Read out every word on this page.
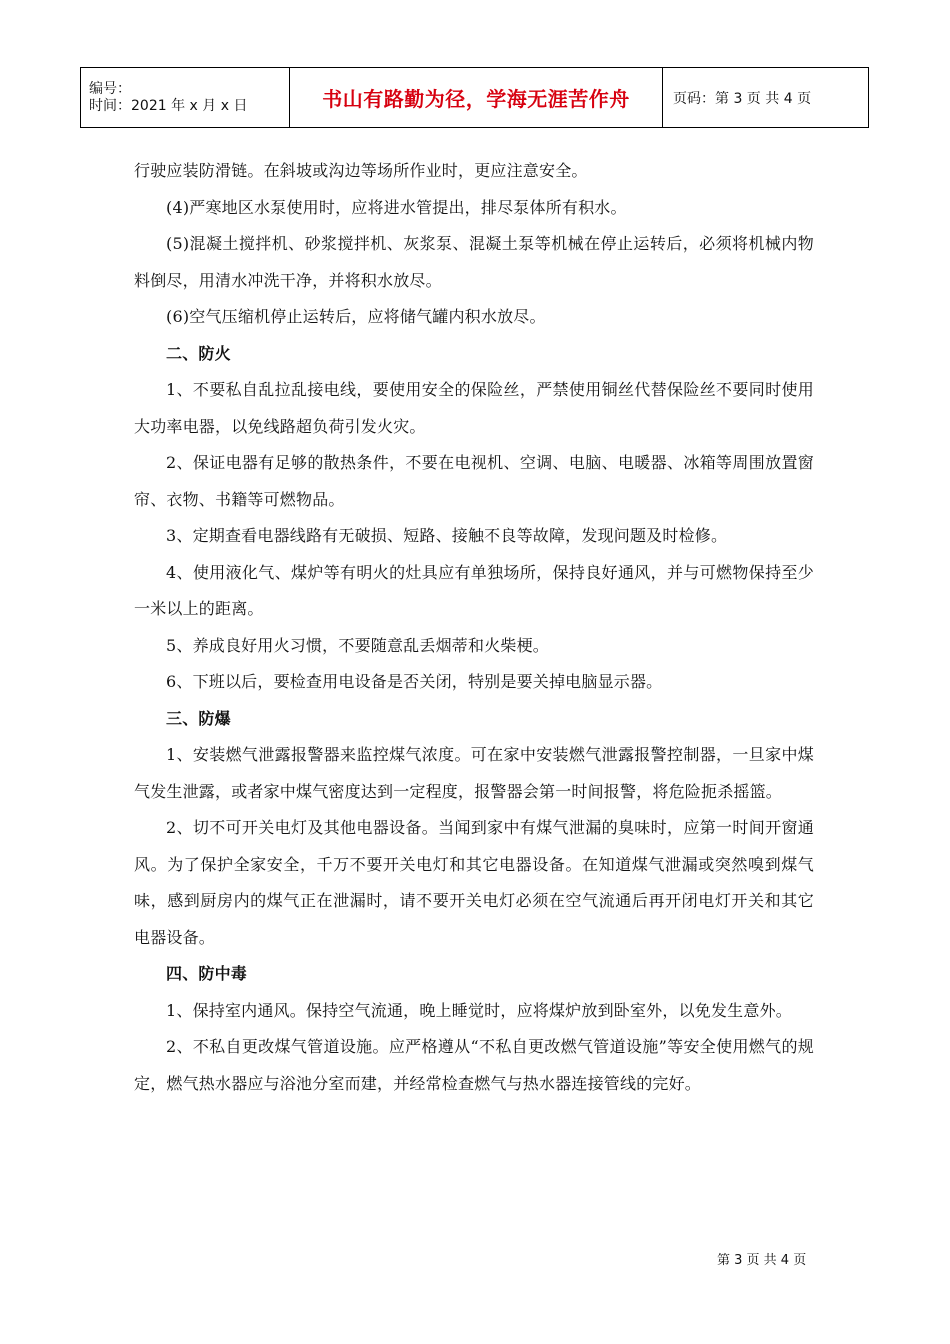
编号：
时间：2021 年 x 月 x 日	书山有路勤为径，学海无涯苦作舟	页码：第 3 页 共 4 页

行驶应装防滑链。在斜坡或沟边等场所作业时，更应注意安全。

(4)严寒地区水泵使用时，应将进水管提出，排尽泵体所有积水。

(5)混凝土搅拌机、砂浆搅拌机、灰浆泵、混凝土泵等机械在停止运转后，必须将机械内物料倒尽，用清水冲洗干净，并将积水放尽。

(6)空气压缩机停止运转后，应将储气罐内积水放尽。

二、防火

1、不要私自乱拉乱接电线，要使用安全的保险丝，严禁使用铜丝代替保险丝不要同时使用大功率电器，以免线路超负荷引发火灾。

2、保证电器有足够的散热条件，不要在电视机、空调、电脑、电暖器、冰箱等周围放置窗帘、衣物、书籍等可燃物品。

3、定期查看电器线路有无破损、短路、接触不良等故障，发现问题及时检修。

4、使用液化气、煤炉等有明火的灶具应有单独场所，保持良好通风，并与可燃物保持至少一米以上的距离。

5、养成良好用火习惯，不要随意乱丢烟蒂和火柴梗。

6、下班以后，要检查用电设备是否关闭，特别是要关掉电脑显示器。

三、防爆

1、安装燃气泄露报警器来监控煤气浓度。可在家中安装燃气泄露报警控制器，一旦家中煤气发生泄露，或者家中煤气密度达到一定程度，报警器会第一时间报警，将危险扼杀摇篮。

2、切不可开关电灯及其他电器设备。当闻到家中有煤气泄漏的臭味时，应第一时间开窗通风。为了保护全家安全，千万不要开关电灯和其它电器设备。在知道煤气泄漏或突然嗅到煤气味，感到厨房内的煤气正在泄漏时，请不要开关电灯必须在空气流通后再开闭电灯开关和其它电器设备。

四、防中毒

1、保持室内通风。保持空气流通，晚上睡觉时，应将煤炉放到卧室外，以免发生意外。

2、不私自更改煤气管道设施。应严格遵从“不私自更改燃气管道设施”等安全使用燃气的规定，燃气热水器应与浴池分室而建，并经常检查燃气与热水器连接管线的完好。

第 3 页 共 4 页
